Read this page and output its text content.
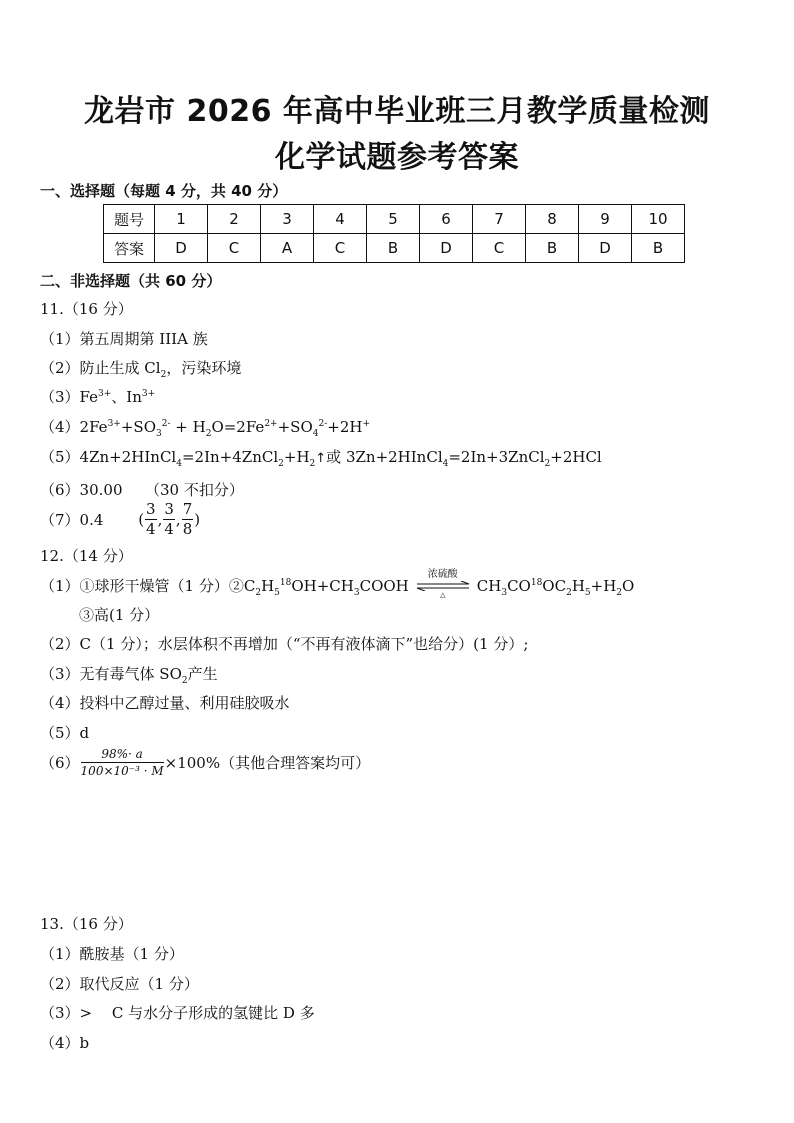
龙岩市 2026 年高中毕业班三月教学质量检测
化学试题参考答案
一、选择题（每题 4 分，共 40 分）
题号	1	2	3	4	5	6	7	8	9	10
答案	D	C	A	C	B	D	C	B	D	B
二、非选择题（共 60 分）
11.（16 分）
（1）第五周期第 IIIA 族
（2）防止生成 $Cl_2$，污染环境
$(3)Fe^{3+}$、$In^{3+}$
$(4)2Fe^{3+}+SO_3^{2-} + H_2O=2Fe^{2+}+SO_4^{2-}+2H^+$
$(5)4Zn+2HInCl_4=2In+4ZnCl_2+H_2↑$或 3Zn+2HInCl$_4$=2In+3ZnCl$_2$+2HCl
（6）30.00　　（30 不扣分）
（7）0.4 ( $\frac{3}{4}$ , $\frac{3}{4}$ , $\frac{7}{8}$ )
12.（14 分）
（1）①球形干燥管（1 分）$②C_2H_5^{18}OH+CH_3COOH$
浓硫酸
△	$CH_3CO^{18}OC_2H_5+H_2O$
③高(1 分）
（2）C（1 分）；水层体积不再增加（“不再有液体滴下”也给分）(1 分）;
（3）无有毒气体 $SO_2$产生
（4）投料中乙醇过量、利用硅胶吸水
（5）d
$(6) \frac{98\%\cdot a}{\text{100×10⁻³ · M}} \times 100\%$（其他合理答案均可）
13.（16 分）
（1）酰胺基（1 分）
（2）取代反应（1 分）
（3）>　 C 与水分子形成的氢键比 D 多
（4）b
